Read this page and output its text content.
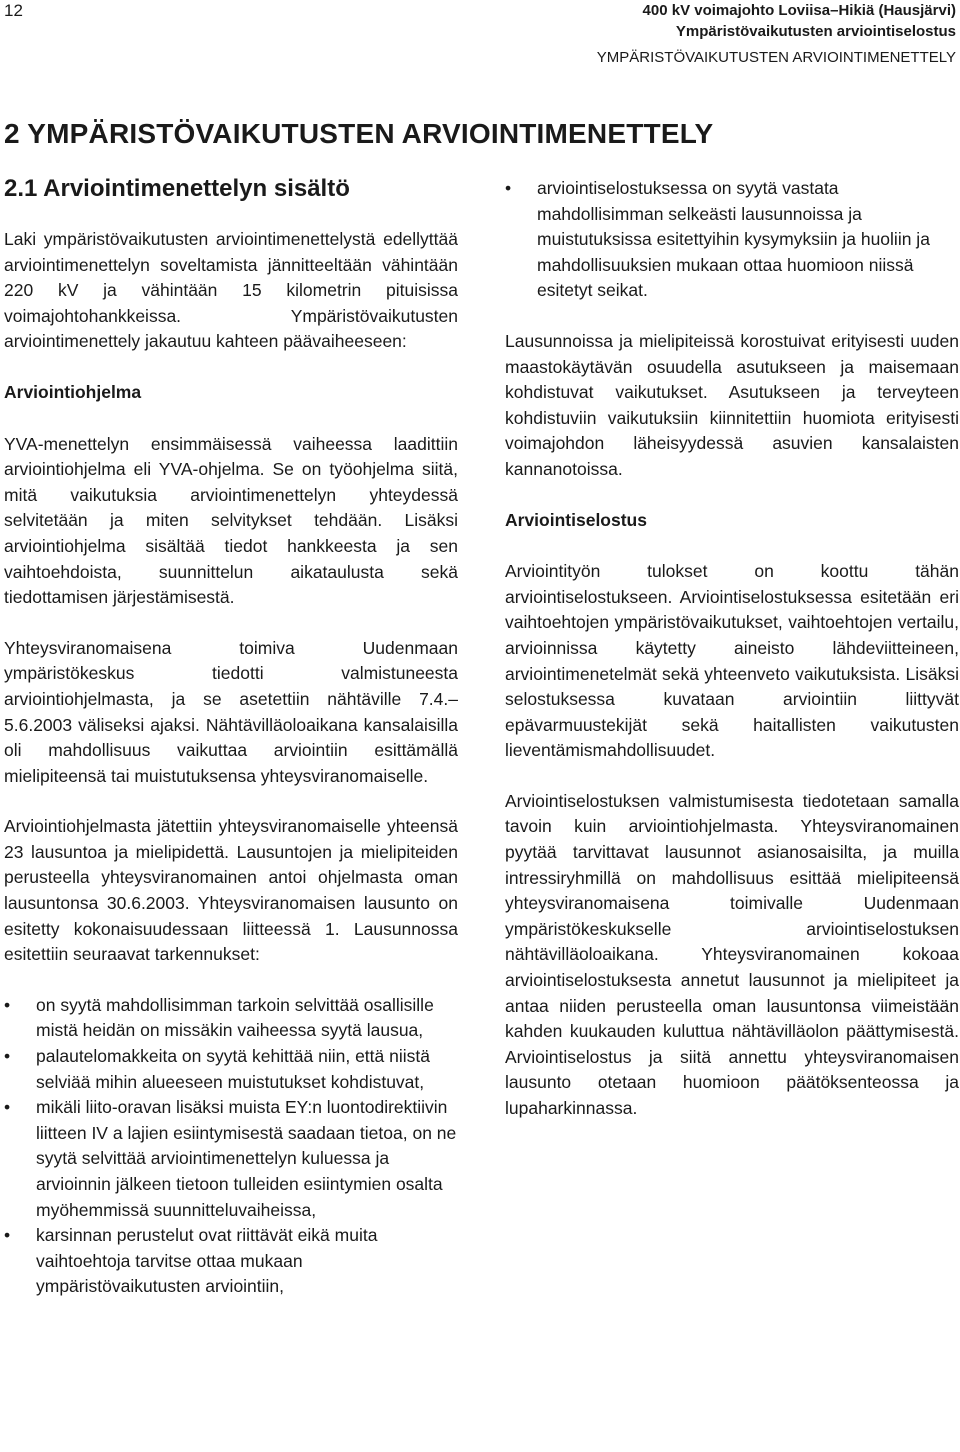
12	400 kV voimajohto Loviisa–Hikiä (Hausjärvi)
Ympäristövaikutusten arviointiselostus
YMPÄRISTÖVAIKUTUSTEN ARVIOINTIMENETTELY
2 YMPÄRISTÖVAIKUTUSTEN ARVIOINTIMENETTELY
2.1 Arviointimenettelyn sisältö

Laki ympäristövaikutusten arviointimenettelystä edellyttää arviointimenettelyn soveltamista jännitteeltään vähintään 220 kV ja vähintään 15 kilometrin pituisissa voimajohtohankkeissa. Ympäristövaikutusten arviointimenettely jakautuu kahteen päävaiheeseen:

Arviointiohjelma

YVA-menettelyn ensimmäisessä vaiheessa laadittiin arviointiohjelma eli YVA-ohjelma. Se on työohjelma siitä, mitä vaikutuksia arviointimenettelyn yhteydessä selvitetään ja miten selvitykset tehdään. Lisäksi arviointiohjelma sisältää tiedot hankkeesta ja sen vaihtoehdoista, suunnittelun aikataulusta sekä tiedottamisen järjestämisestä.

Yhteysviranomaisena toimiva Uudenmaan ympäristökeskus tiedotti valmistuneesta arviointiohjelmasta, ja se asetettiin nähtäville 7.4.–5.6.2003 väliseksi ajaksi. Nähtävilläoloaikana kansalaisilla oli mahdollisuus vaikuttaa arviointiin esittämällä mielipiteensä tai muistutuksensa yhteysviranomaiselle.

Arviointiohjelmasta jätettiin yhteysviranomaiselle yhteensä 23 lausuntoa ja mielipidettä. Lausuntojen ja mielipiteiden perusteella yhteysviranomainen antoi ohjelmasta oman lausuntonsa 30.6.2003. Yhteysviranomaisen lausunto on esitetty kokonaisuudessaan liitteessä 1. Lausunnossa esitettiin seuraavat tarkennukset:

• on syytä mahdollisimman tarkoin selvittää osallisille mistä heidän on missäkin vaiheessa syytä lausua,
• palautelomakkeita on syytä kehittää niin, että niistä selviää mihin alueeseen muistutukset kohdistuvat,
• mikäli liito-oravan lisäksi muista EY:n luontodirektiivin liitteen IV a lajien esiintymisestä saadaan tietoa, on ne syytä selvittää arviointimenettelyn kuluessa ja arvioinnin jälkeen tietoon tulleiden esiintymien osalta myöhemmissä suunnitteluvaiheissa,
• karsinnan perustelut ovat riittävät eikä muita vaihtoehtoja tarvitse ottaa mukaan ympäristövaikutusten arviointiin,
• arviointiselostuksessa on syytä vastata mahdollisimman selkeästi lausunnoissa ja muistutuksissa esitettyihin kysymyksiin ja huoliin ja mahdollisuuksien mukaan ottaa huomioon niissä esitetyt seikat.

Lausunnoissa ja mielipiteissä korostuivat erityisesti uuden maastokäytävän osuudella asutukseen ja maisemaan kohdistuvat vaikutukset. Asutukseen ja terveyteen kohdistuviin vaikutuksiin kiinnitettiin huomiota erityisesti voimajohdon läheisyydessä asuvien kansalaisten kannanotoissa.

Arviointiselostus

Arviointityön tulokset on koottu tähän arviointiselostukseen. Arviointiselostuksessa esitetään eri vaihtoehtojen ympäristövaikutukset, vaihtoehtojen vertailu, arvioinnissa käytetty aineisto lähdeviitteineen, arviointimenetelmät sekä yhteenveto vaikutuksista. Lisäksi selostuksessa kuvataan arviointiin liittyvät epävarmuustekijät sekä haitallisten vaikutusten lieventämismahdollisuudet.

Arviointiselostuksen valmistumisesta tiedotetaan samalla tavoin kuin arviointiohjelmasta. Yhteysviranomainen pyytää tarvittavat lausunnot asianosaisilta, ja muilla intressiryhmillä on mahdollisuus esittää mielipiteensä yhteysviranomaisena toimivalle Uudenmaan ympäristökeskukselle arviointiselostuksen nähtävilläoloaikana. Yhteysviranomainen kokoaa arviointiselostuksesta annetut lausunnot ja mielipiteet ja antaa niiden perusteella oman lausuntonsa viimeistään kahden kuukauden kuluttua nähtävilläolon päättymisestä. Arviointiselostus ja siitä annettu yhteysviranomaisen lausunto otetaan huomioon päätöksenteossa ja lupaharkinnassa.
